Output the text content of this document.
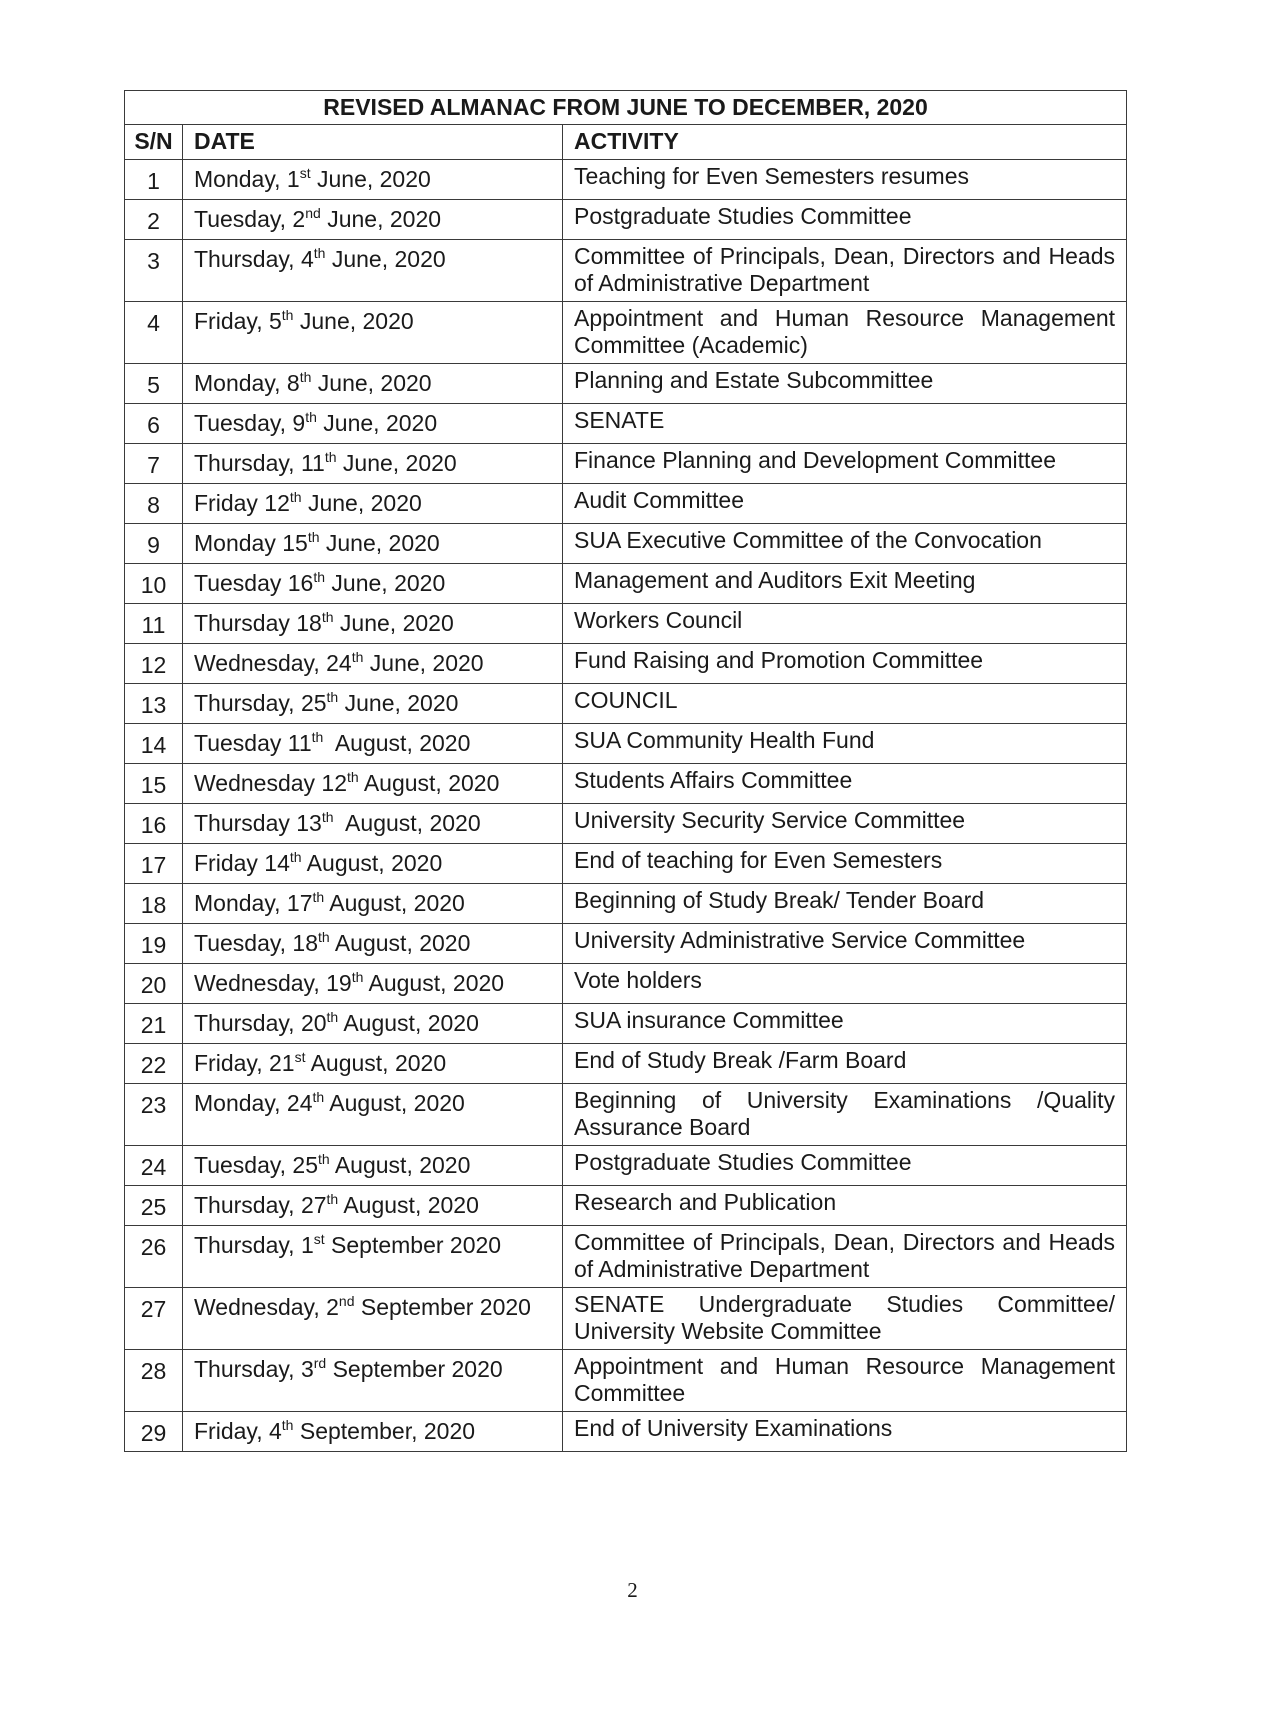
REVISED ALMANAC FROM JUNE TO DECEMBER, 2020		
S/N	DATE	ACTIVITY
1	Monday, 1st June, 2020	Teaching for Even Semesters resumes
2	Tuesday, 2nd June, 2020	Postgraduate Studies Committee
3	Thursday, 4th June, 2020	Committee of Principals, Dean, Directors and Heads of Administrative Department
4	Friday, 5th June, 2020	Appointment and Human Resource Management Committee (Academic)
5	Monday, 8th June, 2020	Planning and Estate Subcommittee
6	Tuesday, 9th June, 2020	SENATE
7	Thursday, 11th June, 2020	Finance Planning and Development Committee
8	Friday 12th June, 2020	Audit Committee
9	Monday 15th June, 2020	SUA Executive Committee of the Convocation
10	Tuesday 16th June, 2020	Management and Auditors Exit Meeting
11	Thursday 18th June, 2020	Workers Council
12	Wednesday, 24th June, 2020	Fund Raising and Promotion Committee
13	Thursday, 25th June, 2020	COUNCIL
14	Tuesday 11th  August, 2020	SUA Community Health Fund
15	Wednesday 12th August, 2020	Students Affairs Committee
16	Thursday 13th  August, 2020	University Security Service Committee
17	Friday 14th August, 2020	End of teaching for Even Semesters
18	Monday, 17th August, 2020	Beginning of Study Break/ Tender Board
19	Tuesday, 18th August, 2020	University Administrative Service Committee
20	Wednesday, 19th August, 2020	Vote holders
21	Thursday, 20th August, 2020	SUA insurance Committee
22	Friday, 21st August, 2020	End of Study Break /Farm Board
23	Monday, 24th August, 2020	Beginning of University Examinations /Quality Assurance Board
24	Tuesday, 25th August, 2020	Postgraduate Studies Committee
25	Thursday, 27th August, 2020	Research and Publication
26	Thursday, 1st September 2020	Committee of Principals, Dean, Directors and Heads of Administrative Department
27	Wednesday, 2nd September 2020	SENATE Undergraduate Studies Committee/ University Website Committee
28	Thursday, 3rd September 2020	Appointment and Human Resource Management Committee
29	Friday, 4th September, 2020	End of University Examinations
2
